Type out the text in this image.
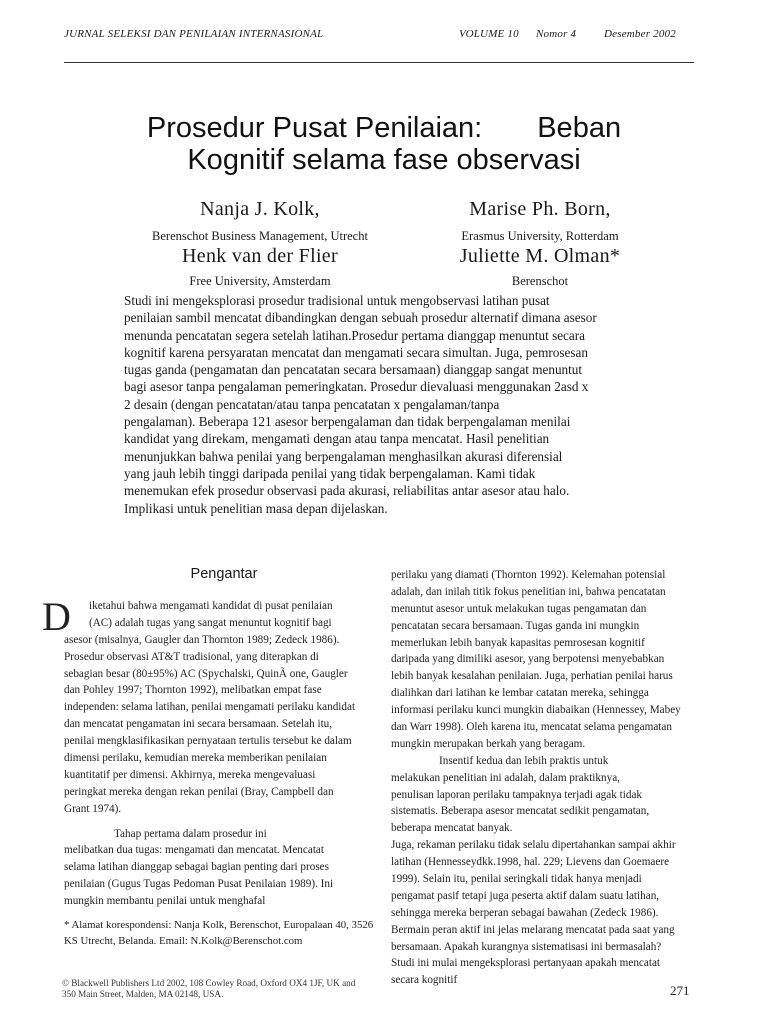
JURNAL SELEKSI DAN PENILAIAN INTERNASIONAL	VOLUME 10 Nomor 4	Desember 2002
Prosedur Pusat Penilaian: Beban
Kognitif selama fase observasi
Nanja J. Kolk,
Berenschot Business Management, Utrecht
Marise Ph. Born,
Erasmus University, Rotterdam
Henk van der Flier
Free University, Amsterdam
Juliette M. Olman*
Berenschot
Studi ini mengeksplorasi prosedur tradisional untuk mengobservasi latihan pusat
penilaian sambil mencatat dibandingkan dengan sebuah prosedur alternatif dimana asesor
menunda pencatatan segera setelah latihan.Prosedur pertama dianggap menuntut secara
kognitif karena persyaratan mencatat dan mengamati secara simultan. Juga, pemrosesan
tugas ganda (pengamatan dan pencatatan secara bersamaan) dianggap sangat menuntut
bagi asesor tanpa pengalaman pemeringkatan. Prosedur dievaluasi menggunakan 2asd x
2 desain (dengan pencatatan/atau tanpa pencatatan x pengalaman/tanpa
pengalaman). Beberapa 121 asesor berpengalaman dan tidak berpengalaman menilai
kandidat yang direkam, mengamati dengan atau tanpa mencatat. Hasil penelitian
menunjukkan bahwa penilai yang berpengalaman menghasilkan akurasi diferensial
yang jauh lebih tinggi daripada penilai yang tidak berpengalaman. Kami tidak
menemukan efek prosedur observasi pada akurasi, reliabilitas antar asesor atau halo.
Implikasi untuk penelitian masa depan dijelaskan.
Pengantar
D	iketahui bahwa mengamati kandidat di pusat penilaian
(AC) adalah tugas yang sangat menuntut kognitif bagi
asesor (misalnya, Gaugler dan Thornton 1989; Zedeck 1986).
Prosedur observasi AT&T tradisional, yang diterapkan di
sebagian besar (80±95%) AC (Spychalski, QuinÃ one, Gaugler
dan Pohley 1997; Thornton 1992), melibatkan empat fase
independen: selama latihan, penilai mengamati perilaku kandidat
dan mencatat pengamatan ini secara bersamaan. Setelah itu,
penilai mengklasifikasikan pernyataan tertulis tersebut ke dalam
dimensi perilaku, kemudian mereka memberikan penilaian
kuantitatif per dimensi. Akhirnya, mereka mengevaluasi
peringkat mereka dengan rekan penilai (Bray, Campbell dan
Grant 1974).
Tahap pertama dalam prosedur ini
melibatkan dua tugas: mengamati dan mencatat. Mencatat
selama latihan dianggap sebagai bagian penting dari proses
penilaian (Gugus Tugas Pedoman Pusat Penilaian 1989). Ini
mungkin membantu penilai untuk menghafal
* Alamat korespondensi: Nanja Kolk, Berenschot, Europalaan 40, 3526
KS Utrecht, Belanda. Email: N.Kolk@Berenschot.com
perilaku yang diamati (Thornton 1992). Kelemahan potensial
adalah, dan inilah titik fokus penelitian ini, bahwa pencatatan
menuntut asesor untuk melakukan tugas pengamatan dan
pencatatan secara bersamaan. Tugas ganda ini mungkin
memerlukan lebih banyak kapasitas pemrosesan kognitif
daripada yang dimiliki asesor, yang berpotensi menyebabkan
lebih banyak kesalahan penilaian. Juga, perhatian penilai harus
dialihkan dari latihan ke lembar catatan mereka, sehingga
informasi perilaku kunci mungkin diabaikan (Hennessey, Mabey
dan Warr 1998). Oleh karena itu, mencatat selama pengamatan
mungkin merupakan berkah yang beragam.
Insentif kedua dan lebih praktis untuk
melakukan penelitian ini adalah, dalam praktiknya,
penulisan laporan perilaku tampaknya terjadi agak tidak
sistematis. Beberapa asesor mencatat sedikit pengamatan,
beberapa mencatat banyak.
Juga, rekaman perilaku tidak selalu dipertahankan sampai akhir
latihan (Hennesseydkk.1998, hal. 229; Lievens dan Goemaere
1999). Selain itu, penilai seringkali tidak hanya menjadi
pengamat pasif tetapi juga peserta aktif dalam suatu latihan,
sehingga mereka berperan sebagai bawahan (Zedeck 1986).
Bermain peran aktif ini jelas melarang mencatat pada saat yang
bersamaan. Apakah kurangnya sistematisasi ini bermasalah?
Studi ini mulai mengeksplorasi pertanyaan apakah mencatat
secara kognitif
© Blackwell Publishers Ltd 2002, 108 Cowley Road, Oxford OX4 1JF, UK and
350 Main Street, Malden, MA 02148, USA.	271
